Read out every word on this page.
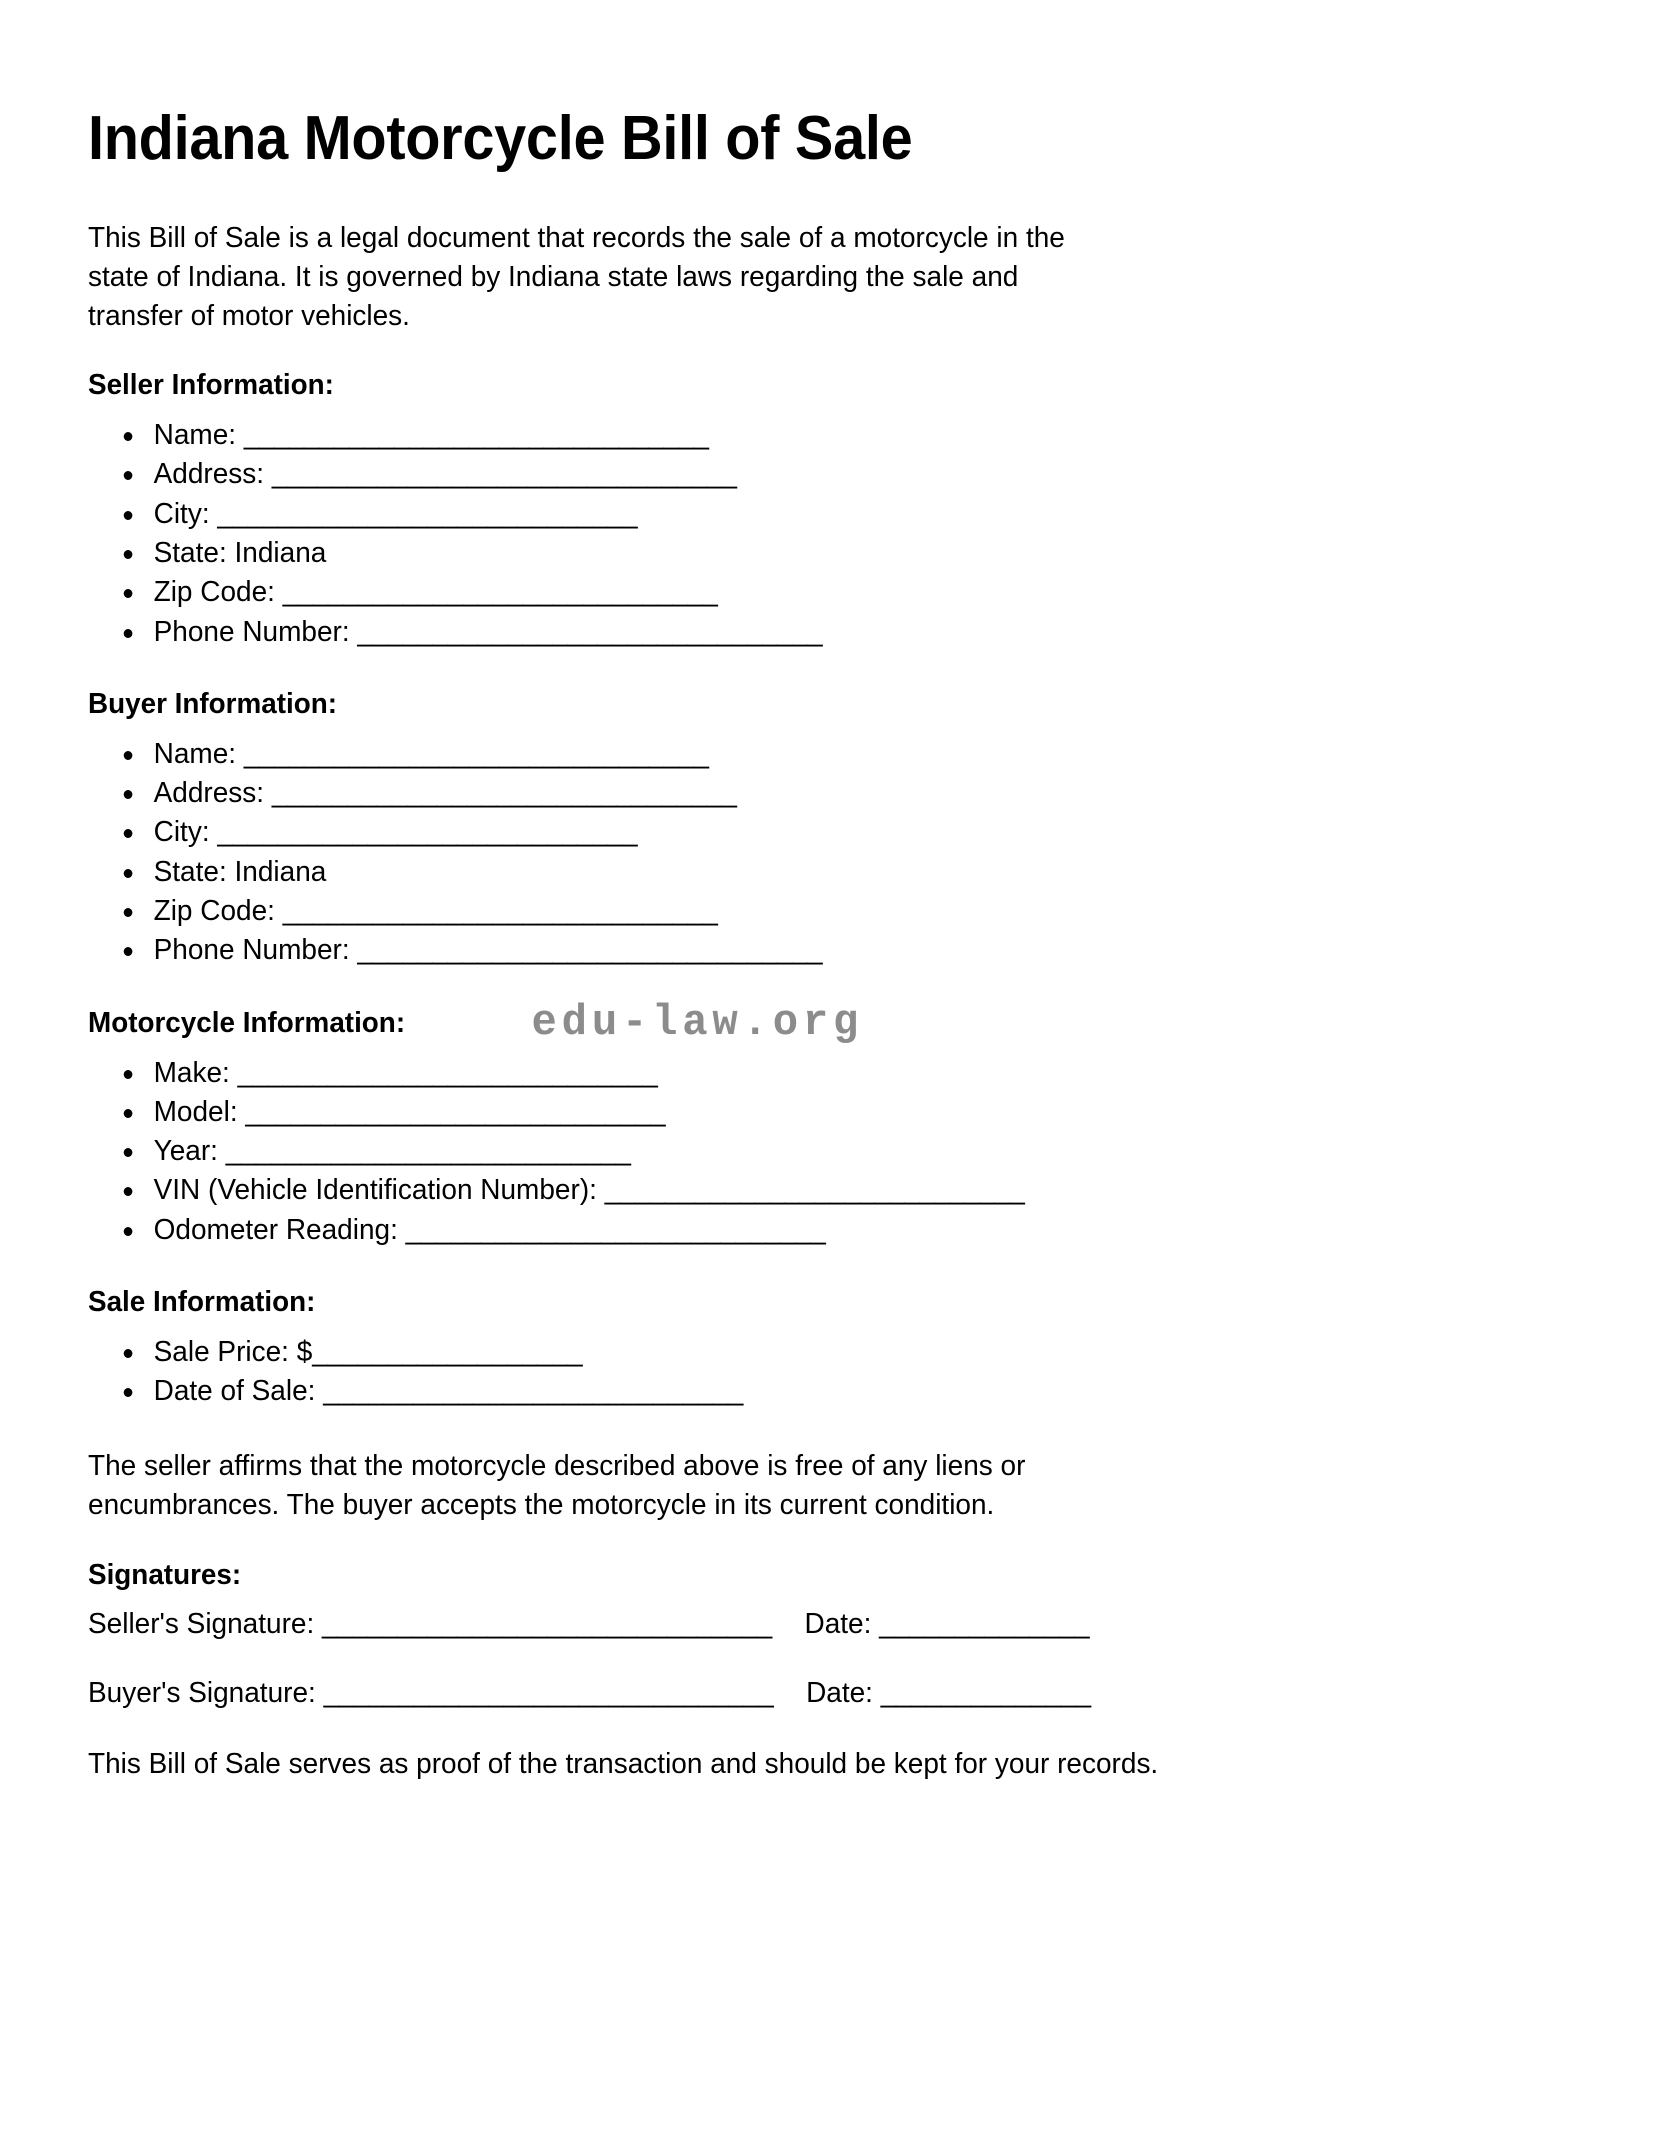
Indiana Motorcycle Bill of Sale

This Bill of Sale is a legal document that records the sale of a motorcycle in the state of Indiana. It is governed by Indiana state laws regarding the sale and transfer of motor vehicles.

Seller Information:
Name: _______________________________
Address: _______________________________
City: ____________________________
State: Indiana
Zip Code: _____________________________
Phone Number: _______________________________
Buyer Information:
Name: _______________________________
Address: _______________________________
City: ____________________________
State: Indiana
Zip Code: _____________________________
Phone Number: _______________________________
Motorcycle Information:	edu-law.org
Make: ____________________________
Model: ____________________________
Year: ___________________________
VIN (Vehicle Identification Number): ____________________________
Odometer Reading: ____________________________
Sale Information:
Sale Price: $__________________
Date of Sale: ____________________________

The seller affirms that the motorcycle described above is free of any liens or encumbrances. The buyer accepts the motorcycle in its current condition.

Signatures:
Seller's Signature: ______________________________ Date: ______________
Buyer's Signature: ______________________________ Date: ______________

This Bill of Sale serves as proof of the transaction and should be kept for your records.
